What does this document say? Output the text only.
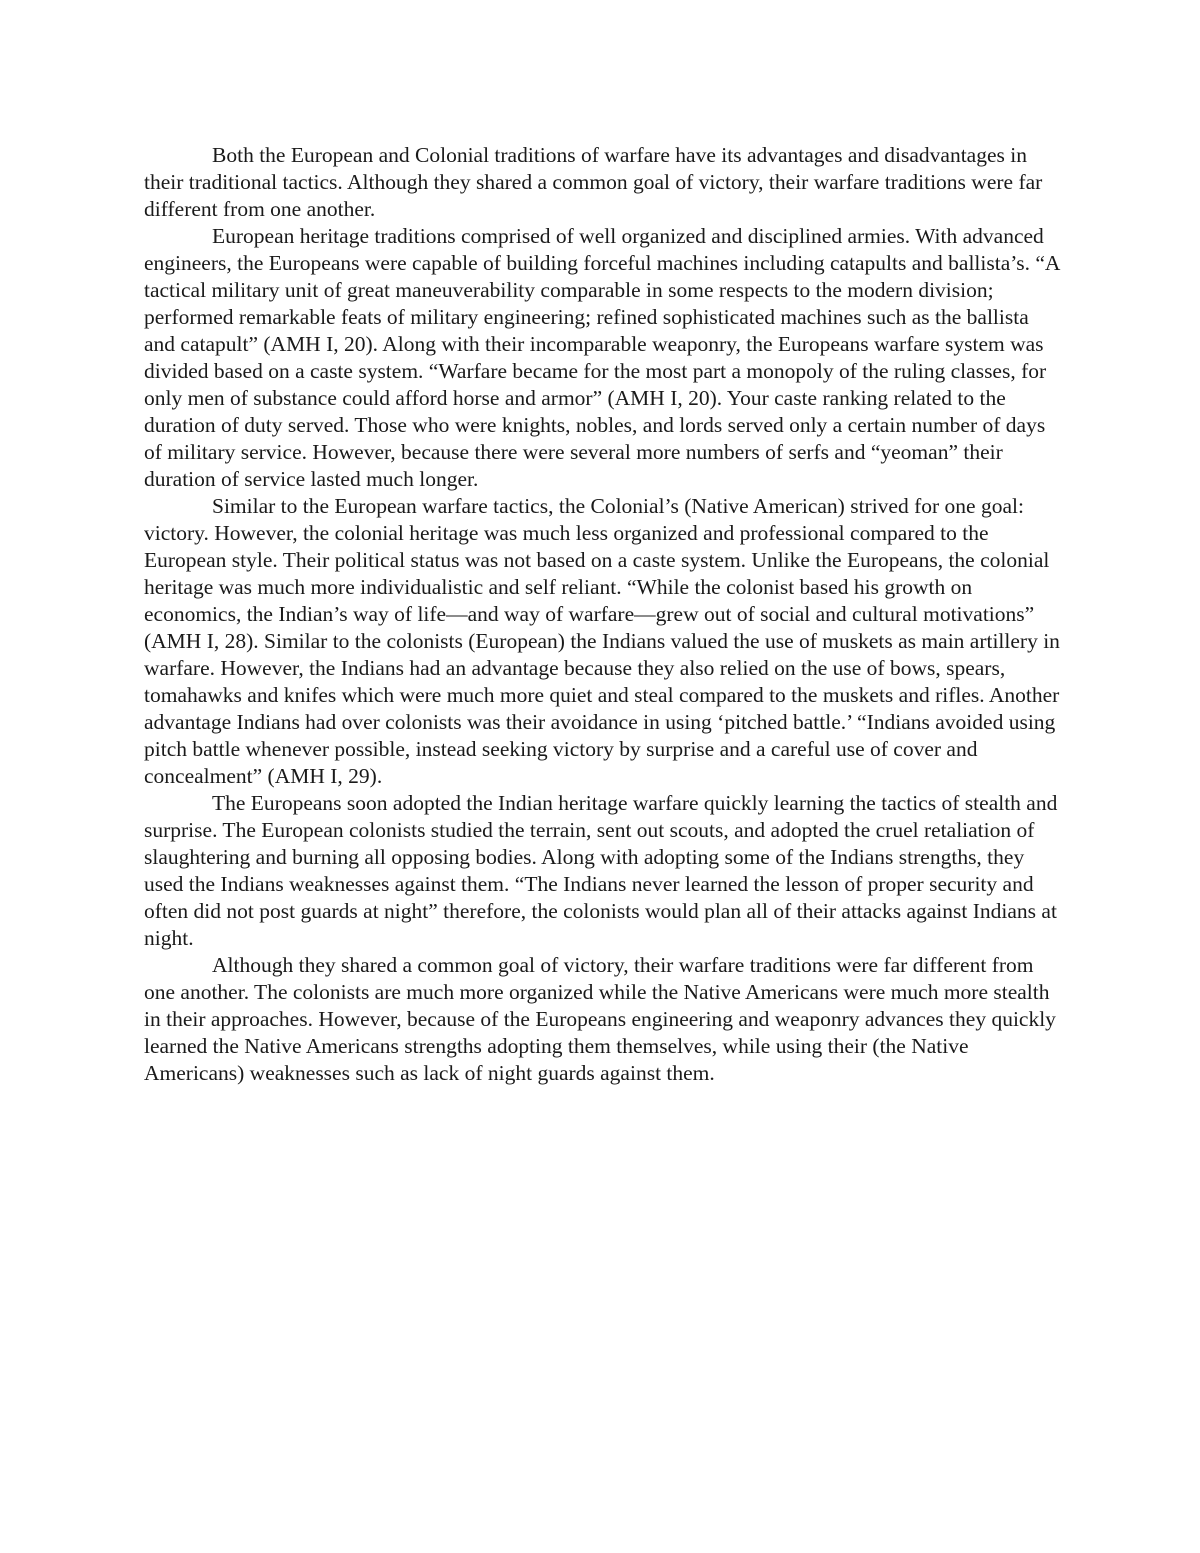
Both the European and Colonial traditions of warfare have its advantages and disadvantages in their traditional tactics. Although they shared a common goal of victory, their warfare traditions were far different from one another.

European heritage traditions comprised of well organized and disciplined armies. With advanced engineers, the Europeans were capable of building forceful machines including catapults and ballista’s. “A tactical military unit of great maneuverability comparable in some respects to the modern division; performed remarkable feats of military engineering; refined sophisticated machines such as the ballista and catapult” (AMH I, 20). Along with their incomparable weaponry, the Europeans warfare system was divided based on a caste system. “Warfare became for the most part a monopoly of the ruling classes, for only men of substance could afford horse and armor” (AMH I, 20). Your caste ranking related to the duration of duty served. Those who were knights, nobles, and lords served only a certain number of days of military service. However, because there were several more numbers of serfs and “yeoman” their duration of service lasted much longer.

Similar to the European warfare tactics, the Colonial’s (Native American) strived for one goal: victory. However, the colonial heritage was much less organized and professional compared to the European style. Their political status was not based on a caste system. Unlike the Europeans, the colonial heritage was much more individualistic and self reliant. “While the colonist based his growth on economics, the Indian’s way of life—and way of warfare—grew out of social and cultural motivations” (AMH I, 28). Similar to the colonists (European) the Indians valued the use of muskets as main artillery in warfare. However, the Indians had an advantage because they also relied on the use of bows, spears, tomahawks and knifes which were much more quiet and steal compared to the muskets and rifles. Another advantage Indians had over colonists was their avoidance in using ‘pitched battle.’ “Indians avoided using pitch battle whenever possible, instead seeking victory by surprise and a careful use of cover and concealment” (AMH I, 29).

The Europeans soon adopted the Indian heritage warfare quickly learning the tactics of stealth and surprise. The European colonists studied the terrain, sent out scouts, and adopted the cruel retaliation of slaughtering and burning all opposing bodies. Along with adopting some of the Indians strengths, they used the Indians weaknesses against them. “The Indians never learned the lesson of proper security and often did not post guards at night” therefore, the colonists would plan all of their attacks against Indians at night.

Although they shared a common goal of victory, their warfare traditions were far different from one another. The colonists are much more organized while the Native Americans were much more stealth in their approaches. However, because of the Europeans engineering and weaponry advances they quickly learned the Native Americans strengths adopting them themselves, while using their (the Native Americans) weaknesses such as lack of night guards against them.
